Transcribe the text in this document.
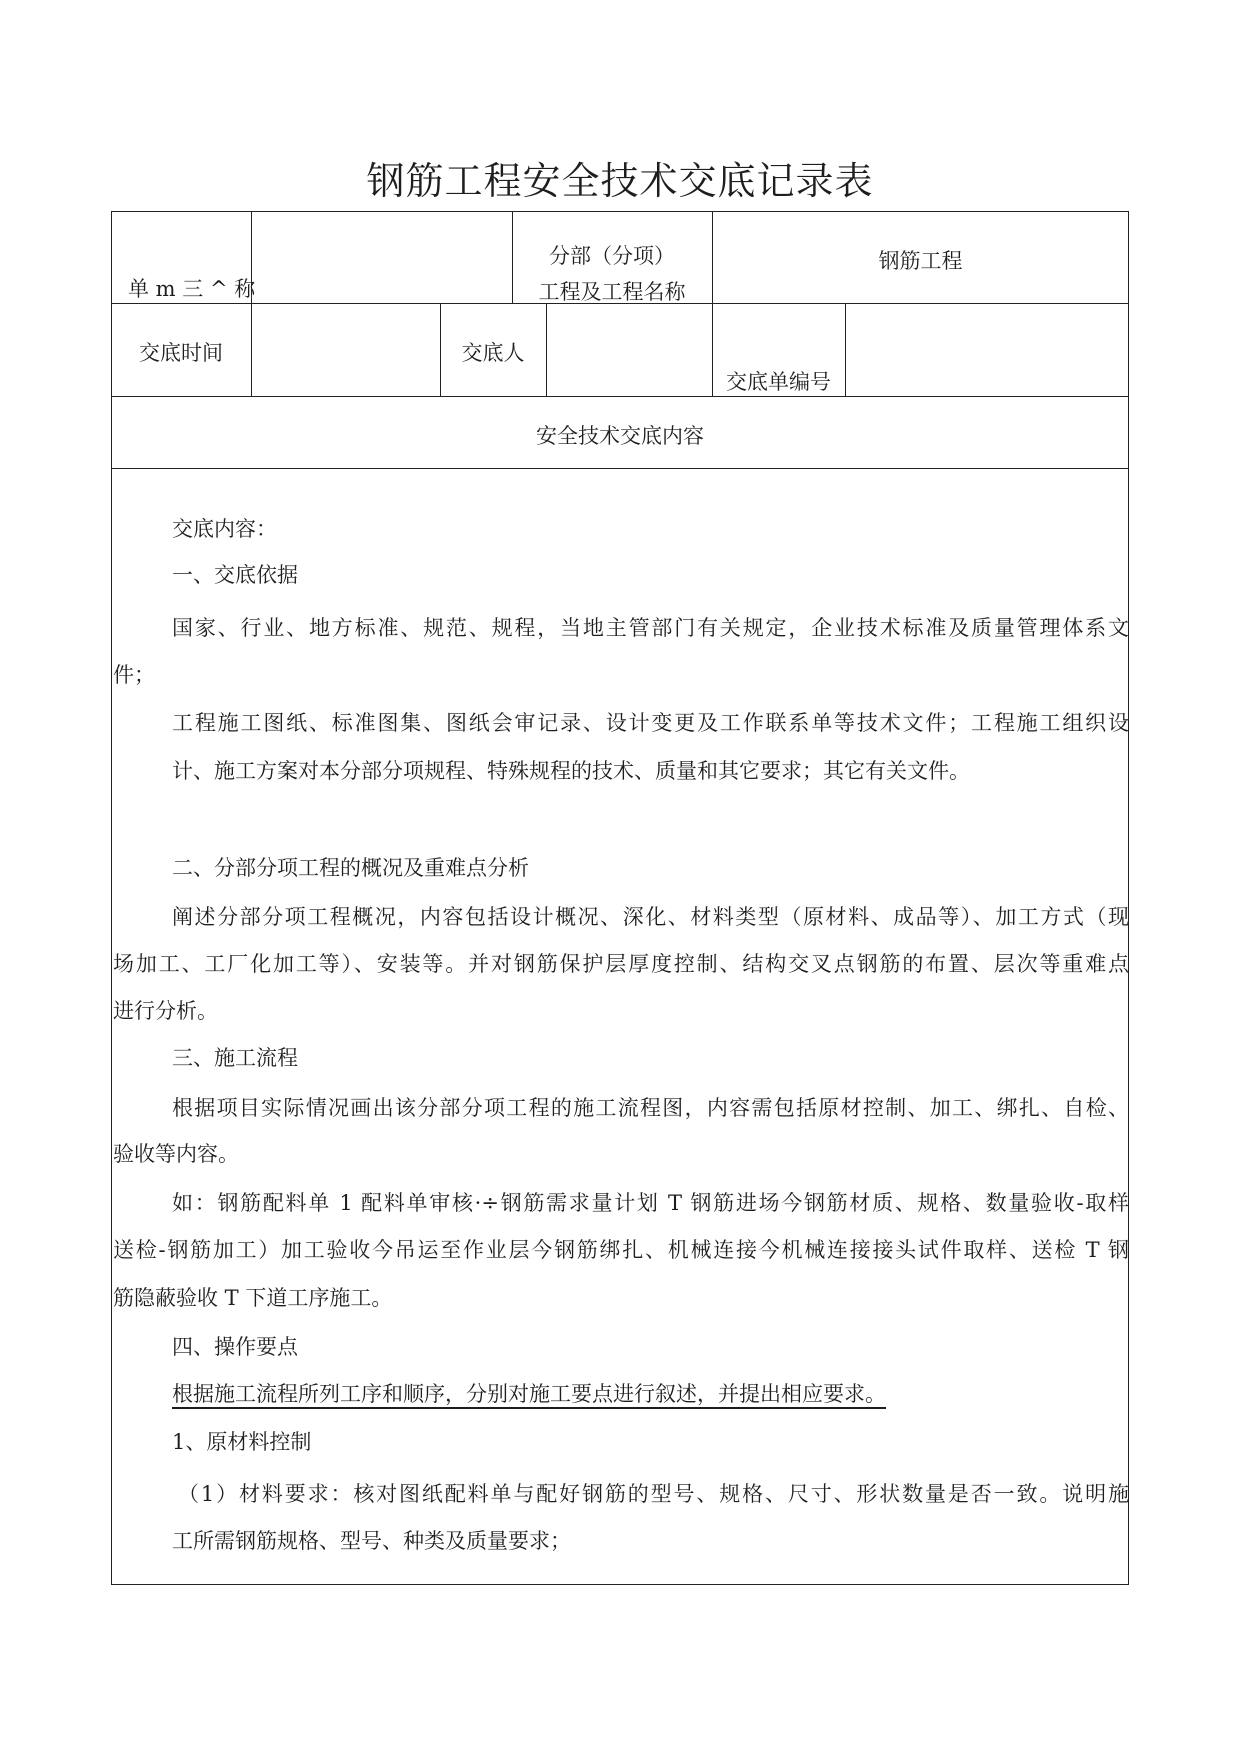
钢筋工程安全技术交底记录表
单 m 三 ^ 称
分部（分项）
工程及工程名称
钢筋工程
交底时间	交底人
交底单编号
安全技术交底内容
交底内容：
一、交底依据
国家、行业、地方标准、规范、规程，当地主管部门有关规定，企业技术标准及质量管理体系文
件；
工程施工图纸、标准图集、图纸会审记录、设计变更及工作联系单等技术文件；工程施工组织设
计、施工方案对本分部分项规程、特殊规程的技术、质量和其它要求；其它有关文件。
二、分部分项工程的概况及重难点分析
阐述分部分项工程概况，内容包括设计概况、深化、材料类型（原材料、成品等）、加工方式（现
场加工、工厂化加工等）、安装等。并对钢筋保护层厚度控制、结构交叉点钢筋的布置、层次等重难点
进行分析。
三、施工流程
根据项目实际情况画出该分部分项工程的施工流程图，内容需包括原材控制、加工、绑扎、自检、
验收等内容。
如：钢筋配料单 1 配料单审核·÷钢筋需求量计划 T 钢筋进场今钢筋材质、规格、数量验收-取样
送检-钢筋加工）加工验收今吊运至作业层今钢筋绑扎、机械连接今机械连接接头试件取样、送检 T 钢
筋隐蔽验收 T 下道工序施工。
四、操作要点
根据施工流程所列工序和顺序，分别对施工要点进行叙述，并提出相应要求。
1、原材料控制
（1）材料要求：核对图纸配料单与配好钢筋的型号、规格、尺寸、形状数量是否一致。说明施
工所需钢筋规格、型号、种类及质量要求；
